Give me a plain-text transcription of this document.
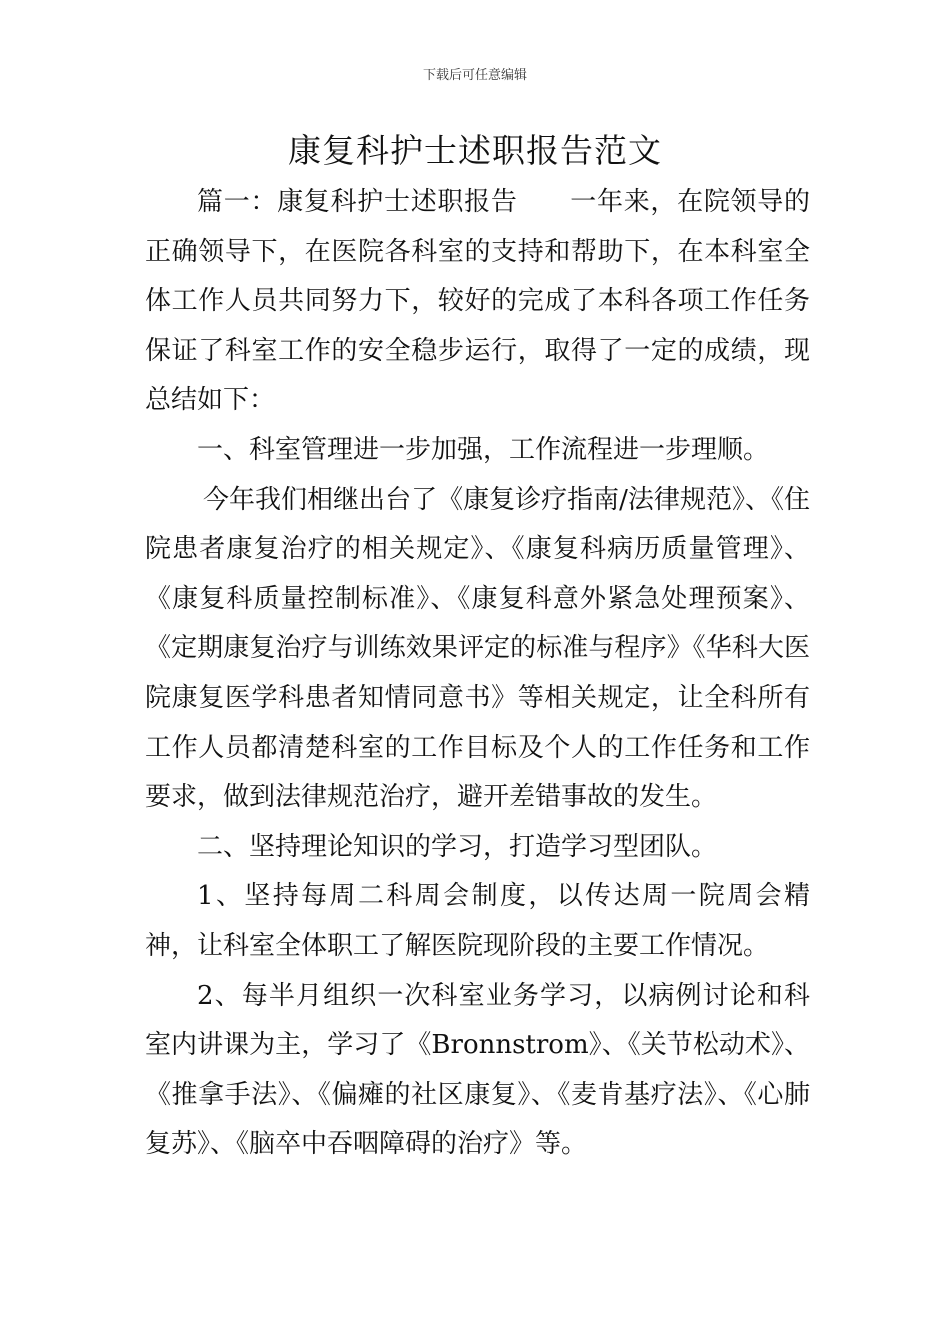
下载后可任意编辑
康复科护士述职报告范文

篇一：康复科护士述职报告 一年来，在院领导的正确领导下，在医院各科室的支持和帮助下，在本科室全体工作人员共同努力下，较好的完成了本科各项工作任务保证了科室工作的安全稳步运行，取得了一定的成绩，现总结如下：

一、科室管理进一步加强，工作流程进一步理顺。

今年我们相继出台了《康复诊疗指南/法律规范》、《住院患者康复治疗的相关规定》、《康复科病历质量管理》、《康复科质量控制标准》、《康复科意外紧急处理预案》、《定期康复治疗与训练效果评定的标准与程序》《华科大医院康复医学科患者知情同意书》等相关规定，让全科所有工作人员都清楚科室的工作目标及个人的工作任务和工作要求，做到法律规范治疗，避开差错事故的发生。

二、坚持理论知识的学习，打造学习型团队。

1、坚持每周二科周会制度，以传达周一院周会精神，让科室全体职工了解医院现阶段的主要工作情况。

2、每半月组织一次科室业务学习，以病例讨论和科室内讲课为主，学习了《Bronnstrom》、《关节松动术》、《推拿手法》、《偏瘫的社区康复》、《麦肯基疗法》、《心肺复苏》、《脑卒中吞咽障碍的治疗》等。
